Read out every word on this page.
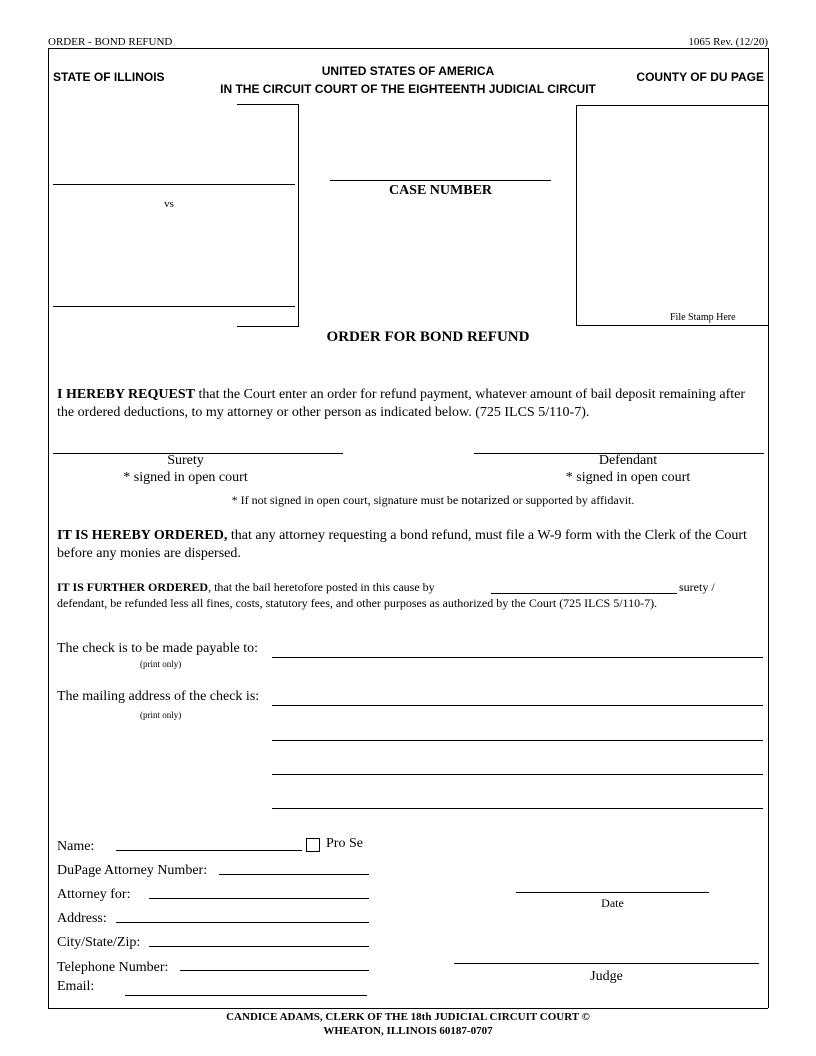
ORDER - BOND REFUND	1065 Rev. (12/20)
STATE OF ILLINOIS	UNITED STATES OF AMERICA
IN THE CIRCUIT COURT OF THE EIGHTEENTH JUDICIAL CIRCUIT
COUNTY OF DU PAGE
vs
CASE NUMBER
File Stamp Here
ORDER FOR BOND REFUND
I HEREBY REQUEST that the Court enter an order for refund payment, whatever amount of bail deposit remaining after the ordered deductions, to my attorney or other person as indicated below. (725 ILCS 5/110-7).
Surety
* signed in open court
Defendant
* signed in open court
* If not signed in open court, signature must be notarized or supported by affidavit.
IT IS HEREBY ORDERED, that any attorney requesting a bond refund, must file a W-9 form with the Clerk of the Court before any monies are dispersed.
IT IS FURTHER ORDERED, that the bail heretofore posted in this cause by	surety /
defendant, be refunded less all fines, costs, statutory fees, and other purposes as authorized by the Court (725 ILCS 5/110-7).
The check is to be made payable to:
(print only)
The mailing address of the check is:
(print only)
Name:	Pro Se
DuPage Attorney Number:
Attorney for:
Address:
City/State/Zip:
Telephone Number:
Email:
Date
Judge
CANDICE ADAMS, CLERK OF THE 18th JUDICIAL CIRCUIT COURT ©
WHEATON, ILLINOIS 60187-0707
